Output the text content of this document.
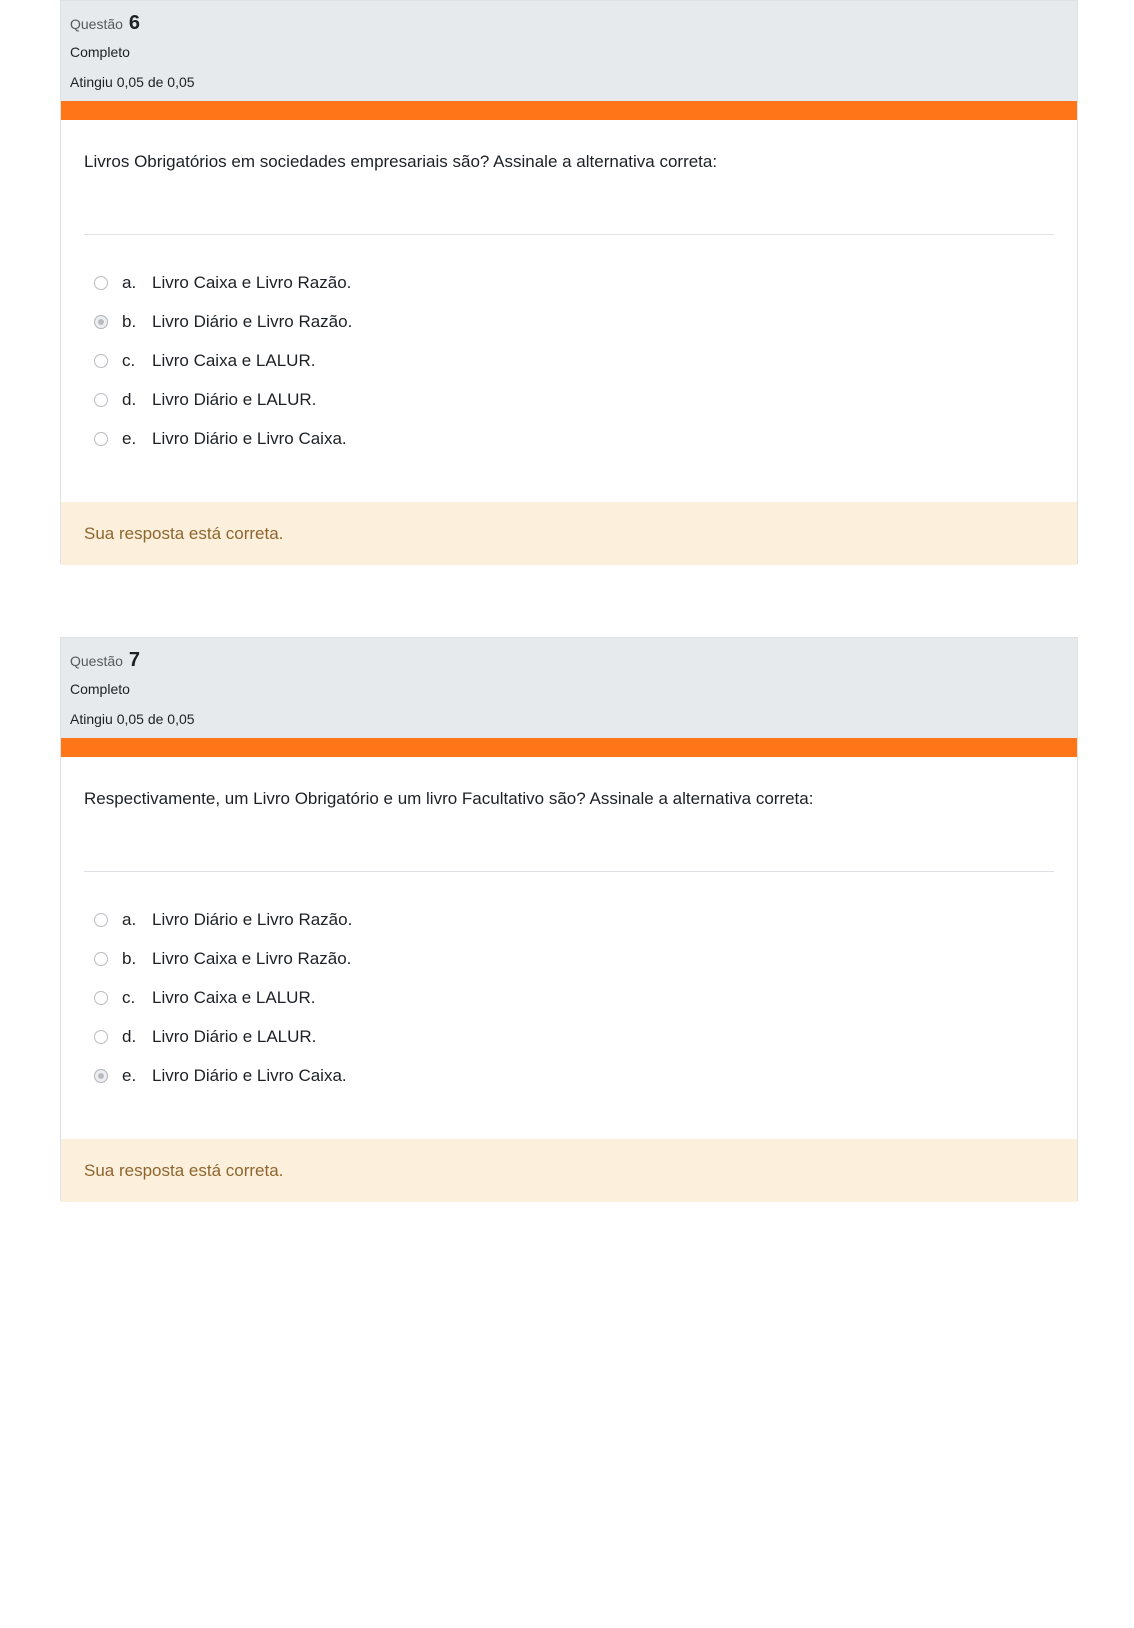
Questão 6
Completo
Atingiu 0,05 de 0,05
Livros Obrigatórios em sociedades empresariais são? Assinale a alternativa correta:
a. Livro Caixa e Livro Razão.
b. Livro Diário e Livro Razão.
c. Livro Caixa e LALUR.
d. Livro Diário e LALUR.
e. Livro Diário e Livro Caixa.
Sua resposta está correta.
Questão 7
Completo
Atingiu 0,05 de 0,05
Respectivamente, um Livro Obrigatório e um livro Facultativo são? Assinale a alternativa correta:
a. Livro Diário e Livro Razão.
b. Livro Caixa e Livro Razão.
c. Livro Caixa e LALUR.
d. Livro Diário e LALUR.
e. Livro Diário e Livro Caixa.
Sua resposta está correta.
